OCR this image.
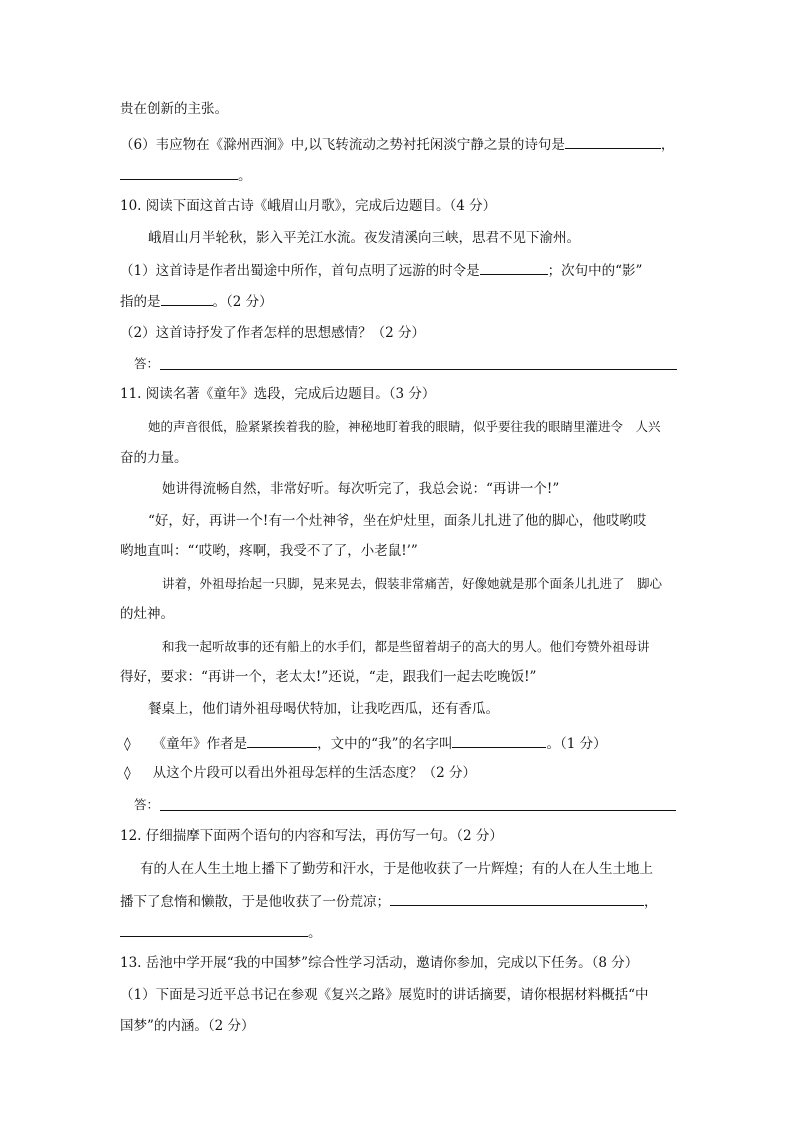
贵在创新的主张。
（6）韦应物在《滁州西涧》中,以飞转流动之势衬托闲淡宁静之景的诗句是	，
。
10. 阅读下面这首古诗《峨眉山月歌》，完成后边题目。（4 分）
峨眉山月半轮秋，影入平羌江水流。夜发清溪向三峡，思君不见下渝州。
（1）这首诗是作者出蜀途中所作，首句点明了远游的时令是	；次句中的“影”
指的是	。（2 分）
（2）这首诗抒发了作者怎样的思想感情？（2 分）
答：
11. 阅读名著《童年》选段，完成后边题目。（3 分）
她的声音很低，脸紧紧挨着我的脸，神秘地盯着我的眼睛，似乎要往我的眼睛里灌进令　人兴
奋的力量。
她讲得流畅自然，非常好听。每次听完了，我总会说：“再讲一个!”
“好，好，再讲一个!有一个灶神爷，坐在炉灶里，面条儿扎进了他的脚心，他哎哟哎
哟地直叫：“‘哎哟，疼啊，我受不了了，小老鼠!’”
讲着，外祖母抬起一只脚，晃来晃去，假装非常痛苦，好像她就是那个面条儿扎进了　脚心
的灶神。
和我一起听故事的还有船上的水手们，都是些留着胡子的高大的男人。他们夸赞外祖母讲
得好，要求：“再讲一个，老太太!”还说，“走，跟我们一起去吃晚饭!”
餐桌上，他们请外祖母喝伏特加，让我吃西瓜，还有香瓜。
◊ 《童年》作者是	，文中的“我”的名字叫	。（1 分）
◊ 从这个片段可以看出外祖母怎样的生活态度？（2 分）
答：
12. 仔细揣摩下面两个语句的内容和写法，再仿写一句。（2 分）
有的人在人生土地上播下了勤劳和汗水，于是他收获了一片辉煌；有的人在人生土地上
播下了怠惰和懒散，于是他收获了一份荒凉；	，
。
13. 岳池中学开展“我的中国梦”综合性学习活动，邀请你参加，完成以下任务。（8 分）
（1）下面是习近平总书记在参观《复兴之路》展览时的讲话摘要，请你根据材料概括“中
国梦”的内涵。（2 分）
